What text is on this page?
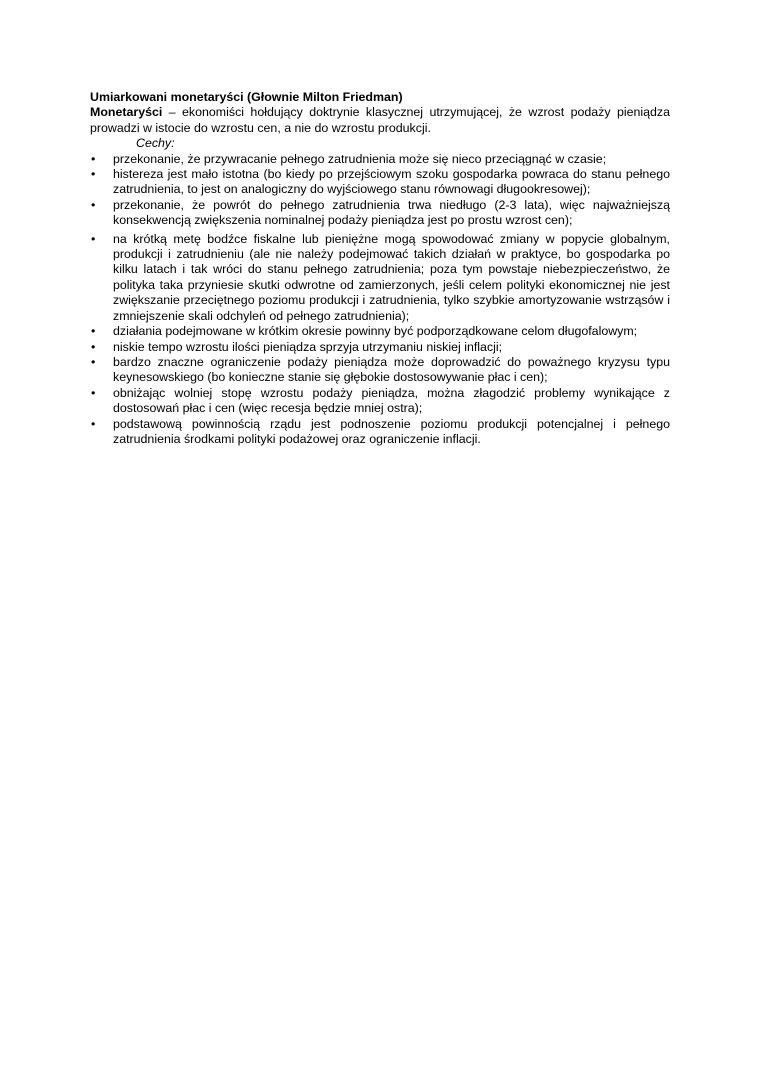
Umiarkowani monetaryści (Głownie Milton Friedman)

Monetaryści – ekonomiści hołdujący doktrynie klasycznej utrzymującej, że wzrost podaży pieniądza prowadzi w istocie do wzrostu cen, a nie do wzrostu produkcji.

Cechy:

•	przekonanie, że przywracanie pełnego zatrudnienia może się nieco przeciągnąć w czasie;
•	histereza jest mało istotna (bo kiedy po przejściowym szoku gospodarka powraca do stanu pełnego zatrudnienia, to jest on analogiczny do wyjściowego stanu równowagi długookresowej);
•	przekonanie, że powrót do pełnego zatrudnienia trwa niedługo (2-3 lata), więc najważniejszą konsekwencją zwiększenia nominalnej podaży pieniądza jest po prostu wzrost cen);
•	na krótką metę bodźce fiskalne lub pieniężne mogą spowodować zmiany w popycie globalnym, produkcji i zatrudnieniu (ale nie należy podejmować takich działań w praktyce, bo gospodarka po kilku latach i tak wróci do stanu pełnego zatrudnienia; poza tym powstaje niebezpieczeństwo, że polityka taka przyniesie skutki odwrotne od zamierzonych, jeśli celem polityki ekonomicznej nie jest zwiększanie przeciętnego poziomu produkcji i zatrudnienia, tylko szybkie amortyzowanie wstrząsów i zmniejszenie skali odchyleń od pełnego zatrudnienia);
•	działania podejmowane w krótkim okresie powinny być podporządkowane celom długofalowym;
•	niskie tempo wzrostu ilości pieniądza sprzyja utrzymaniu niskiej inflacji;
•	bardzo znaczne ograniczenie podaży pieniądza może doprowadzić do poważnego kryzysu typu keynesowskiego (bo konieczne stanie się głębokie dostosowywanie płac i cen);
•	obniżając wolniej stopę wzrostu podaży pieniądza, można złagodzić problemy wynikające z dostosowań płac i cen (więc recesja będzie mniej ostra);
•	podstawową powinnością rządu jest podnoszenie poziomu produkcji potencjalnej i pełnego zatrudnienia środkami polityki podażowej oraz ograniczenie inflacji.
